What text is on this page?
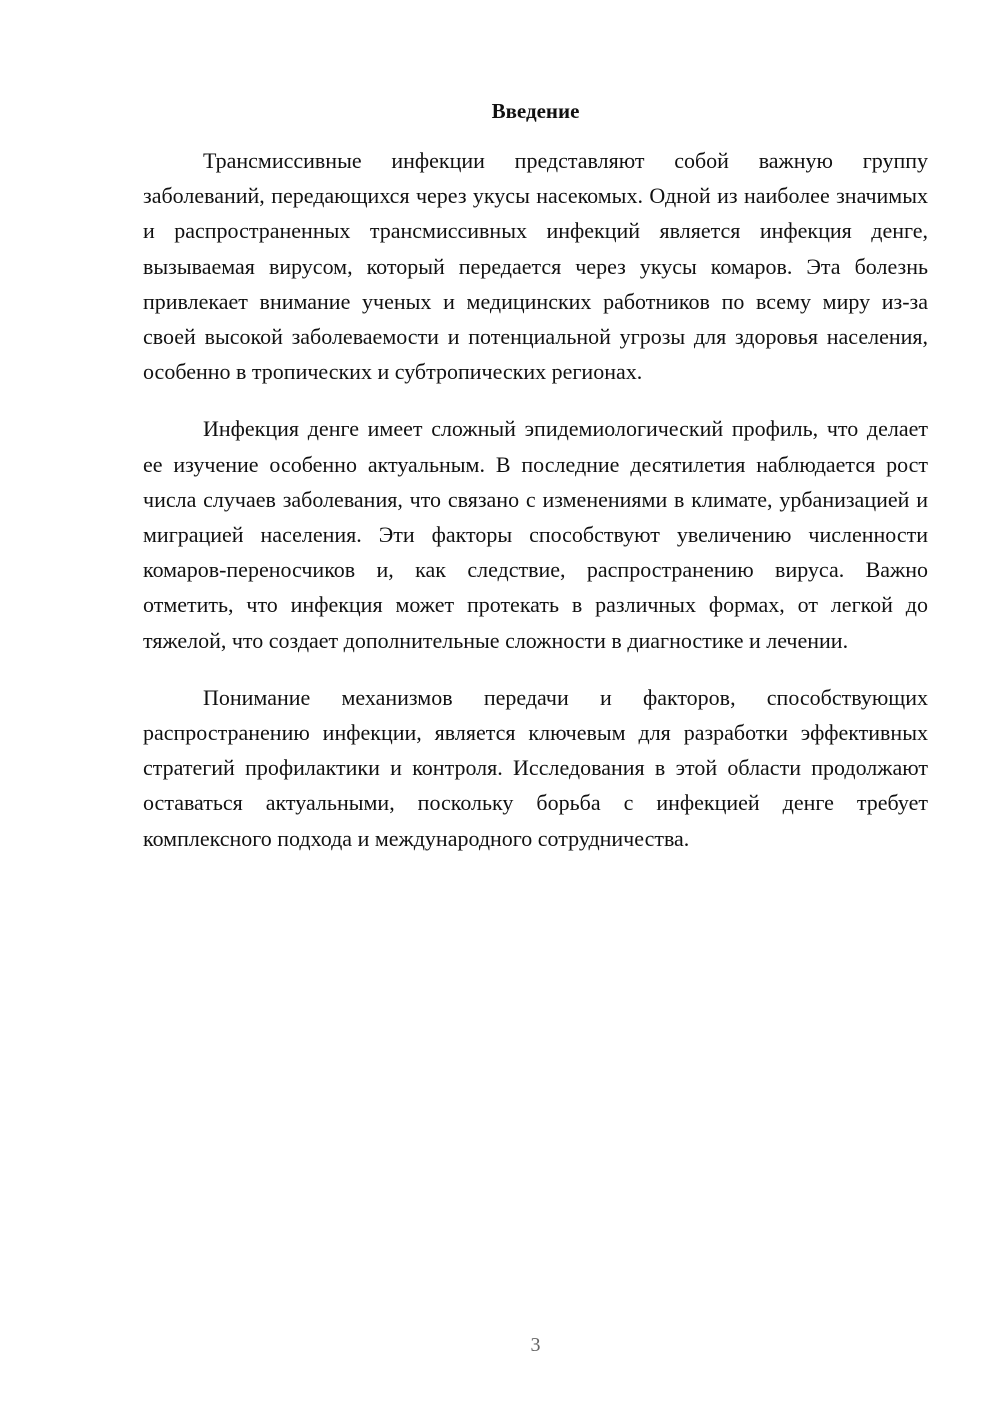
Введение

Трансмиссивные инфекции представляют собой важную группу заболеваний, передающихся через укусы насекомых. Одной из наиболее значимых и распространенных трансмиссивных инфекций является инфекция денге, вызываемая вирусом, который передается через укусы комаров. Эта болезнь привлекает внимание ученых и медицинских работников по всему миру из-за своей высокой заболеваемости и потенциальной угрозы для здоровья населения, особенно в тропических и субтропических регионах.

Инфекция денге имеет сложный эпидемиологический профиль, что делает ее изучение особенно актуальным. В последние десятилетия наблюдается рост числа случаев заболевания, что связано с изменениями в климате, урбанизацией и миграцией населения. Эти факторы способствуют увеличению численности комаров-переносчиков и, как следствие, распространению вируса. Важно отметить, что инфекция может протекать в различных формах, от легкой до тяжелой, что создает дополнительные сложности в диагностике и лечении.

Понимание механизмов передачи и факторов, способствующих распространению инфекции, является ключевым для разработки эффективных стратегий профилактики и контроля. Исследования в этой области продолжают оставаться актуальными, поскольку борьба с инфекцией денге требует комплексного подхода и международного сотрудничества.

3
